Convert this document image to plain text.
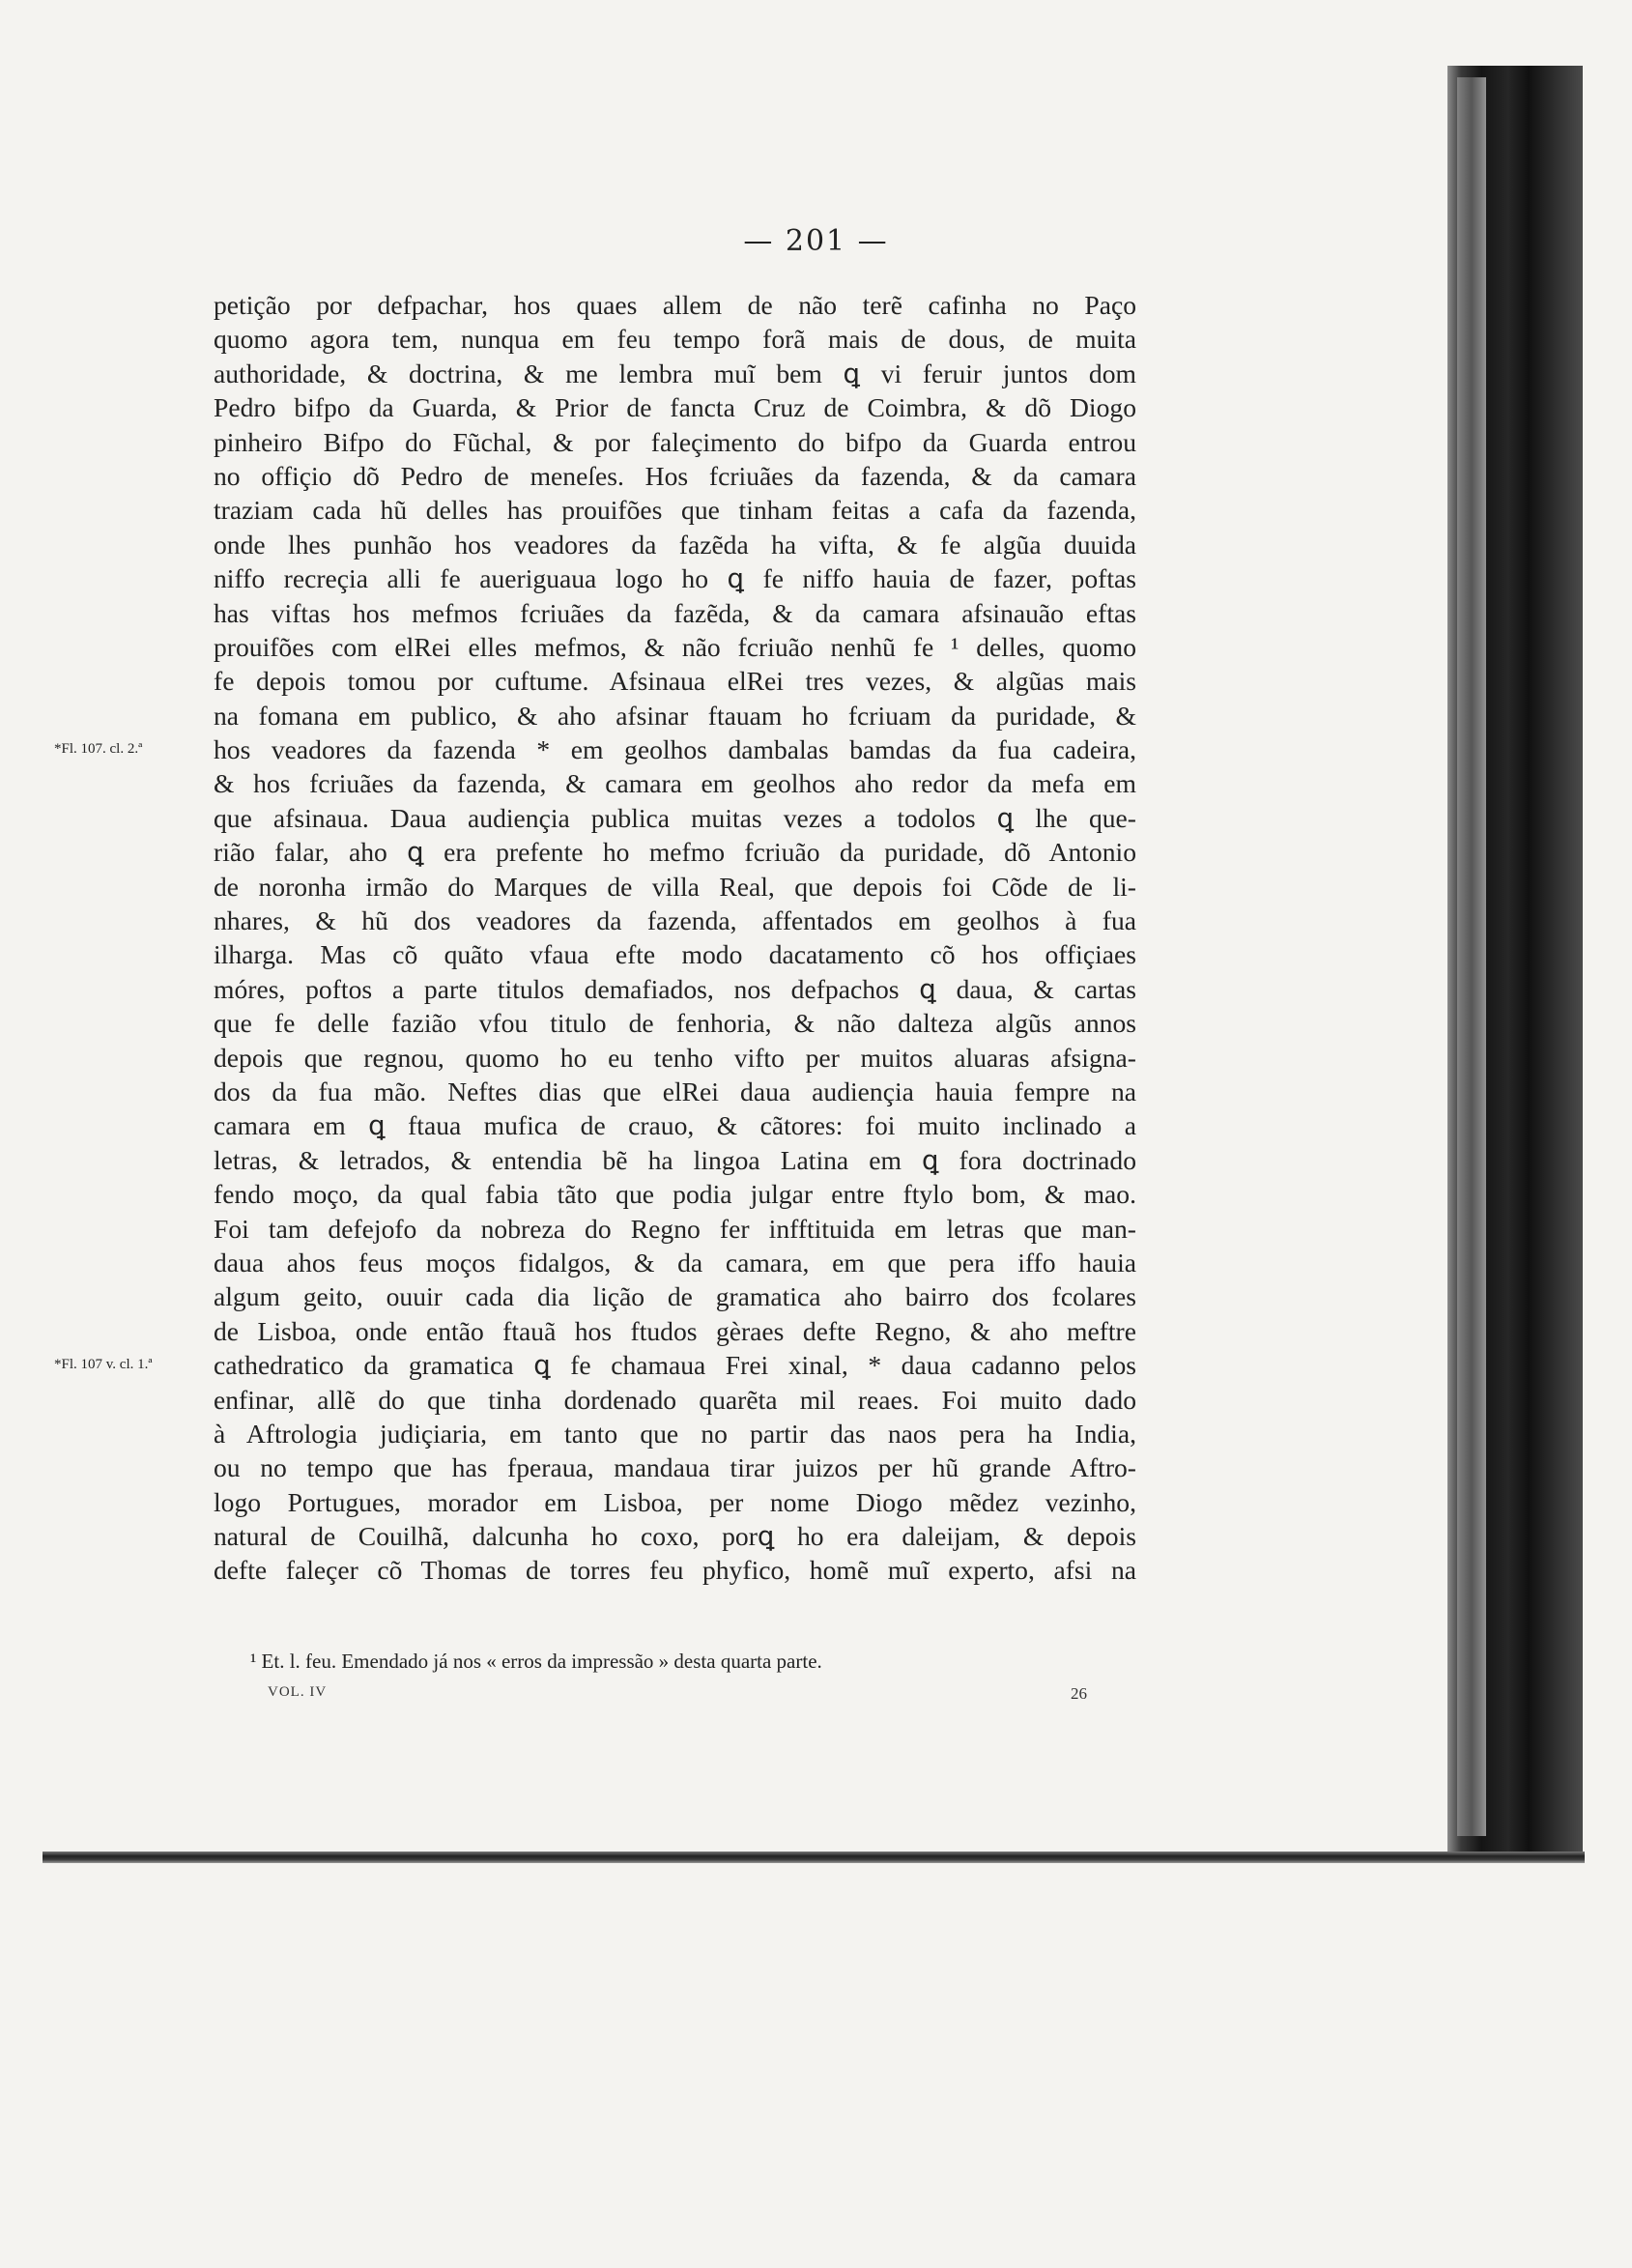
— 201 —
petição por defpachar, hos quaes allem de não terẽ cafinha no Paço
quomo agora tem, nunqua em feu tempo forã mais de dous, de muita
authoridade, & doctrina, & me lembra muĩ bem ꝗ vi feruir juntos dom
Pedro bifpo da Guarda, & Prior de fancta Cruz de Coimbra, & dõ Diogo
pinheiro Bifpo do Fũchal, & por faleçimento do bifpo da Guarda entrou
no offiçio dõ Pedro de meneſes. Hos fcriuães da fazenda, & da camara
traziam cada hũ delles has prouifões que tinham feitas a cafa da fazenda,
onde lhes punhão hos veadores da fazẽda ha vifta, & fe algũa duuida
niffo recreçia alli fe aueriguaua logo ho ꝗ fe niffo hauia de fazer, poftas
has viftas hos mefmos fcriuães da fazẽda, & da camara afsinauão eftas
prouifões com elRei elles mefmos, & não fcriuão nenhũ fe ¹ delles, quomo
fe depois tomou por cuftume. Afsinaua elRei tres vezes, & algũas mais
na fomana em publico, & aho afsinar ftauam ho fcriuam da puridade, &
hos veadores da fazenda * em geolhos dambalas bamdas da fua cadeira,
& hos fcriuães da fazenda, & camara em geolhos aho redor da mefa em
que afsinaua. Daua audiençia publica muitas vezes a todolos ꝗ lhe que-
rião falar, aho ꝗ era prefente ho mefmo fcriuão da puridade, dõ Antonio
de noronha irmão do Marques de villa Real, que depois foi Cõde de li-
nhares, & hũ dos veadores da fazenda, affentados em geolhos à fua
ilharga. Mas cõ quãto vfaua efte modo dacatamento cõ hos offiçiaes
móres, poftos a parte titulos demafiados, nos defpachos ꝗ daua, & cartas
que fe delle fazião vfou titulo de fenhoria, & não dalteza algũs annos
depois que regnou, quomo ho eu tenho vifto per muitos aluaras afsigna-
dos da fua mão. Neftes dias que elRei daua audiençia hauia fempre na
camara em ꝗ ftaua mufica de crauo, & cãtores: foi muito inclinado a
letras, & letrados, & entendia bẽ ha lingoa Latina em ꝗ fora doctrinado
fendo moço, da qual fabia tãto que podia julgar entre ftylo bom, & mao.
Foi tam defejofo da nobreza do Regno fer infftituida em letras que man-
daua ahos feus moços fidalgos, & da camara, em que pera iffo hauia
algum geito, ouuir cada dia lição de gramatica aho bairro dos fcolares
de Lisboa, onde então ftauã hos ftudos gèraes defte Regno, & aho meftre
cathedratico da gramatica ꝗ fe chamaua Frei xinal, * daua cadanno pelos
enfinar, allẽ do que tinha dordenado quarẽta mil reaes. Foi muito dado
à Aftrologia judiçiaria, em tanto que no partir das naos pera ha India,
ou no tempo que has fperaua, mandaua tirar juizos per hũ grande Aftro-
logo Portugues, morador em Lisboa, per nome Diogo mẽdez vezinho,
natural de Couilhã, dalcunha ho coxo, porꝗ ho era daleijam, & depois
defte faleçer cõ Thomas de torres feu phyfico, homẽ muĩ experto, afsi na
*Fl. 107. cl. 2.ª
*Fl. 107 v. cl. 1.ª
¹ Et. l. feu. Emendado já nos « erros da impressão » desta quarta parte.
VOL. IV	26
